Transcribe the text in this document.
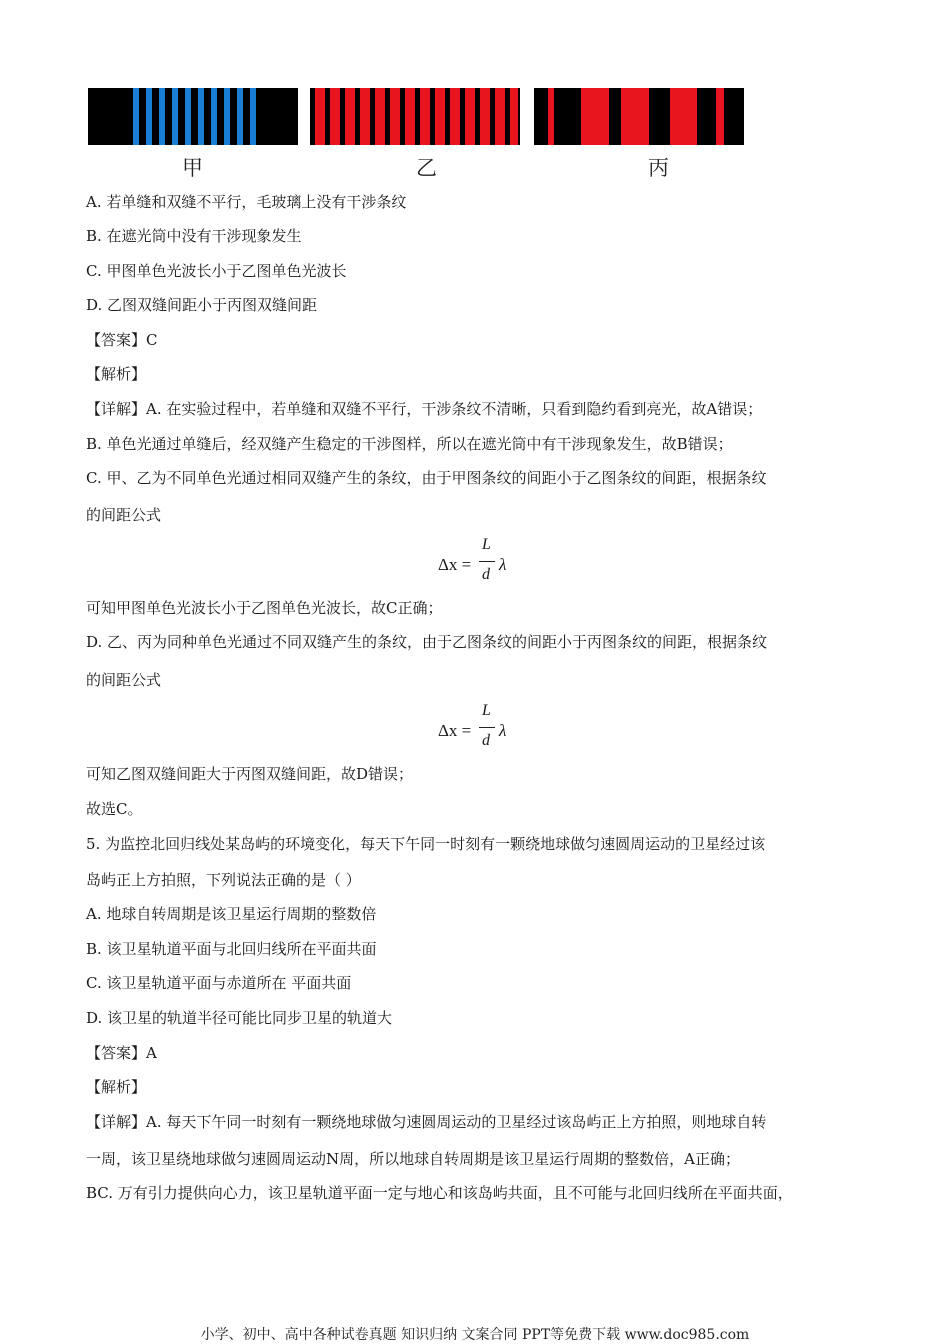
甲	乙	丙
A. 若单缝和双缝不平行，毛玻璃上没有干涉条纹
B. 在遮光筒中没有干涉现象发生
C. 甲图单色光波长小于乙图单色光波长
D. 乙图双缝间距小于丙图双缝间距
【答案】C
【解析】
【详解】A. 在实验过程中，若单缝和双缝不平行，干涉条纹不清晰，只看到隐约看到亮光，故A错误；
B. 单色光通过单缝后，经双缝产生稳定的干涉图样，所以在遮光筒中有干涉现象发生，故B错误；
C. 甲、乙为不同单色光通过相同双缝产生的条纹，由于甲图条纹的间距小于乙图条纹的间距，根据条纹
的间距公式
Δx =
L
d
λ
可知甲图单色光波长小于乙图单色光波长，故C正确；
D. 乙、丙为同种单色光通过不同双缝产生的条纹，由于乙图条纹的间距小于丙图条纹的间距，根据条纹
的间距公式
Δx =
L
d
λ
可知乙图双缝间距大于丙图双缝间距，故D错误；
故选C。
5. 为监控北回归线处某岛屿的环境变化，每天下午同一时刻有一颗绕地球做匀速圆周运动的卫星经过该
岛屿正上方拍照，下列说法正确的是（ ）
A. 地球自转周期是该卫星运行周期的整数倍
B. 该卫星轨道平面与北回归线所在平面共面
C. 该卫星轨道平面与赤道所在 平面共面
D. 该卫星的轨道半径可能比同步卫星的轨道大
【答案】A
【解析】
【详解】A. 每天下午同一时刻有一颗绕地球做匀速圆周运动的卫星经过该岛屿正上方拍照，则地球自转
一周，该卫星绕地球做匀速圆周运动N周，所以地球自转周期是该卫星运行周期的整数倍，A正确；
BC. 万有引力提供向心力，该卫星轨道平面一定与地心和该岛屿共面，且不可能与北回归线所在平面共面，
小学、初中、高中各种试卷真题 知识归纳 文案合同 PPT等免费下载 www.doc985.com
